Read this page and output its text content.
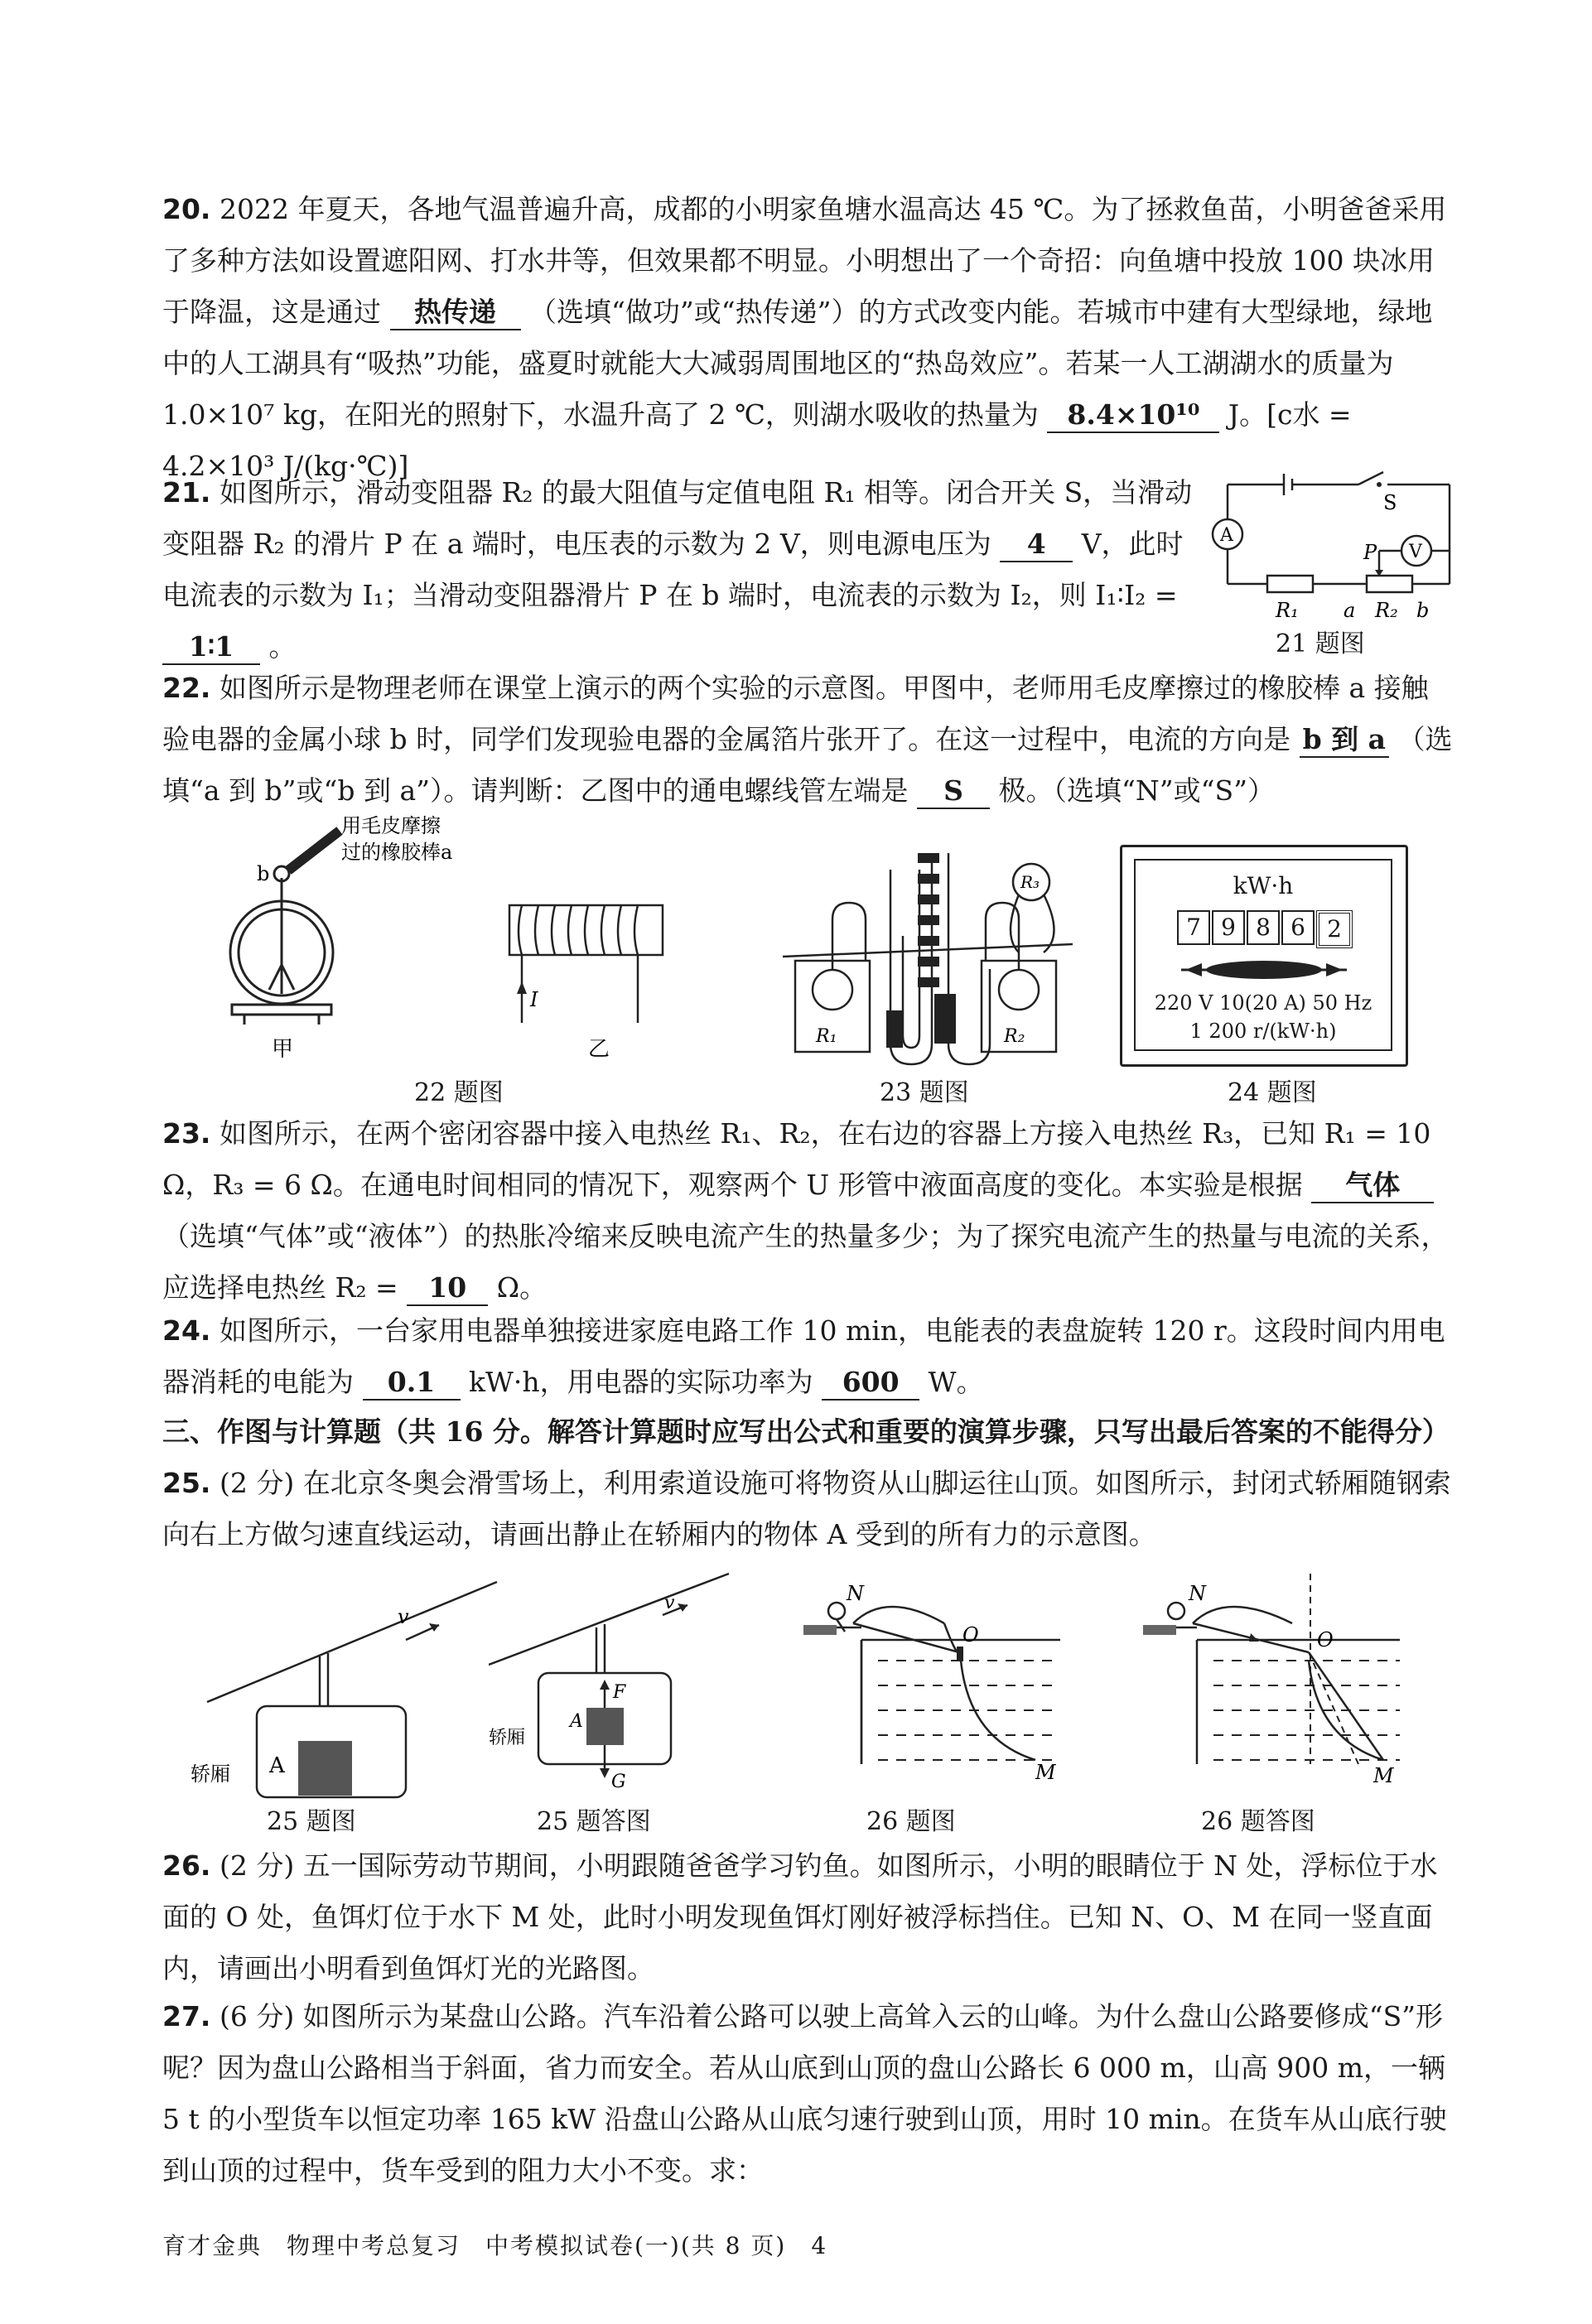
20. 2022 年夏天，各地气温普遍升高，成都的小明家鱼塘水温高达 45 ℃。为了拯救鱼苗，小明爸爸采用了多种方法如设置遮阳网、打水井等，但效果都不明显。小明想出了一个奇招：向鱼塘中投放 100 块冰用于降温，这是通过 热传递 （选填“做功”或“热传递”）的方式改变内能。若城市中建有大型绿地，绿地中的人工湖具有“吸热”功能，盛夏时就能大大减弱周围地区的“热岛效应”。若某一人工湖湖水的质量为 1.0×10⁷ kg，在阳光的照射下，水温升高了 2 ℃，则湖水吸收的热量为 8.4×10¹⁰ J。[c水 = 4.2×10³ J/(kg·℃)]
21. 如图所示，滑动变阻器 R₂ 的最大阻值与定值电阻 R₁ 相等。闭合开关 S，当滑动变阻器 R₂ 的滑片 P 在 a 端时，电压表的示数为 2 V，则电源电压为 4 V，此时电流表的示数为 I₁；当滑动变阻器滑片 P 在 b 端时，电流表的示数为 I₂，则 I₁∶I₂ = 1∶1 。
S
A
V
P
R₁ a R₂ b
21 题图
22. 如图所示是物理老师在课堂上演示的两个实验的示意图。甲图中，老师用毛皮摩擦过的橡胶棒 a 接触验电器的金属小球 b 时，同学们发现验电器的金属箔片张开了。在这一过程中，电流的方向是 b 到 a （选填“a 到 b”或“b 到 a”）。请判断：乙图中的通电螺线管左端是 S 极。（选填“N”或“S”）
b
用毛皮摩擦
过的橡胶棒a
甲
I
乙
22 题图
R₁	R₂
R₃
23 题图
kW·h
7 9 8 6 2
220 V 10(20 A) 50 Hz
1 200 r/(kW·h)
24 题图
23. 如图所示，在两个密闭容器中接入电热丝 R₁、R₂，在右边的容器上方接入电热丝 R₃，已知 R₁ = 10 Ω，R₃ = 6 Ω。在通电时间相同的情况下，观察两个 U 形管中液面高度的变化。本实验是根据 气体 （选填“气体”或“液体”）的热胀冷缩来反映电流产生的热量多少；为了探究电流产生的热量与电流的关系，应选择电热丝 R₂ = 10 Ω。
24. 如图所示，一台家用电器单独接进家庭电路工作 10 min，电能表的表盘旋转 120 r。这段时间内用电器消耗的电能为 0.1 kW·h，用电器的实际功率为 600 W。
三、作图与计算题（共 16 分。解答计算题时应写出公式和重要的演算步骤，只写出最后答案的不能得分）
25. (2 分) 在北京冬奥会滑雪场上，利用索道设施可将物资从山脚运往山顶。如图所示，封闭式轿厢随钢索向右上方做匀速直线运动，请画出静止在轿厢内的物体 A 受到的所有力的示意图。
A
v
轿厢
25 题图
F
G
A
v
轿厢
25 题答图
N
O
M
26 题图
N
O
M
26 题答图
26. (2 分) 五一国际劳动节期间，小明跟随爸爸学习钓鱼。如图所示，小明的眼睛位于 N 处，浮标位于水面的 O 处，鱼饵灯位于水下 M 处，此时小明发现鱼饵灯刚好被浮标挡住。已知 N、O、M 在同一竖直面内，请画出小明看到鱼饵灯光的光路图。
27. (6 分) 如图所示为某盘山公路。汽车沿着公路可以驶上高耸入云的山峰。为什么盘山公路要修成“S”形呢？因为盘山公路相当于斜面，省力而安全。若从山底到山顶的盘山公路长 6 000 m，山高 900 m，一辆 5 t 的小型货车以恒定功率 165 kW 沿盘山公路从山底匀速行驶到山顶，用时 10 min。在货车从山底行驶到山顶的过程中，货车受到的阻力大小不变。求：
育才金典　物理中考总复习　中考模拟试卷(一)(共 8 页)　4
